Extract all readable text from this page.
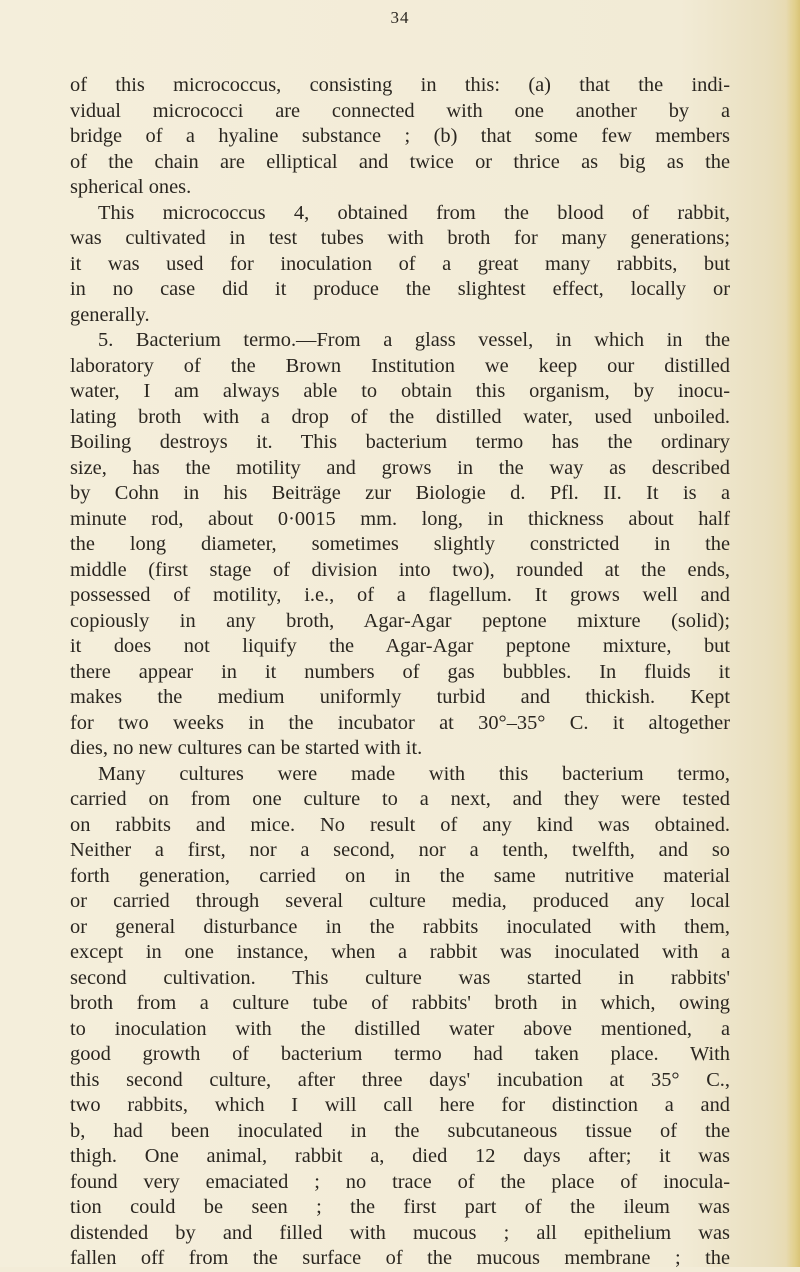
34

of this micrococcus, consisting in this: (a) that the indi-

vidual micrococci are connected with one another by a

bridge of a hyaline substance ; (b) that some few members

of the chain are elliptical and twice or thrice as big as the

spherical ones.

This micrococcus 4, obtained from the blood of rabbit,

was cultivated in test tubes with broth for many generations;

it was used for inoculation of a great many rabbits, but

in no case did it produce the slightest effect, locally or

generally.

5. Bacterium termo.—From a glass vessel, in which in the

laboratory of the Brown Institution we keep our distilled

water, I am always able to obtain this organism, by inocu-

lating broth with a drop of the distilled water, used unboiled.

Boiling destroys it. This bacterium termo has the ordinary

size, has the motility and grows in the way as described

by Cohn in his Beiträge zur Biologie d. Pfl. II. It is a

minute rod, about 0·0015 mm. long, in thickness about half

the long diameter, sometimes slightly constricted in the

middle (first stage of division into two), rounded at the ends,

possessed of motility, i.e., of a flagellum. It grows well and

copiously in any broth, Agar-Agar peptone mixture (solid);

it does not liquify the Agar-Agar peptone mixture, but

there appear in it numbers of gas bubbles. In fluids it

makes the medium uniformly turbid and thickish. Kept

for two weeks in the incubator at 30°–35° C. it altogether

dies, no new cultures can be started with it.

Many cultures were made with this bacterium termo,

carried on from one culture to a next, and they were tested

on rabbits and mice. No result of any kind was obtained.

Neither a first, nor a second, nor a tenth, twelfth, and so

forth generation, carried on in the same nutritive material

or carried through several culture media, produced any local

or general disturbance in the rabbits inoculated with them,

except in one instance, when a rabbit was inoculated with a

second cultivation. This culture was started in rabbits'

broth from a culture tube of rabbits' broth in which, owing

to inoculation with the distilled water above mentioned, a

good growth of bacterium termo had taken place. With

this second culture, after three days' incubation at 35° C.,

two rabbits, which I will call here for distinction a and

b, had been inoculated in the subcutaneous tissue of the

thigh. One animal, rabbit a, died 12 days after; it was

found very emaciated ; no trace of the place of inocula-

tion could be seen ; the first part of the ileum was

distended by and filled with mucous ; all epithelium was

fallen off from the surface of the mucous membrane ; the
